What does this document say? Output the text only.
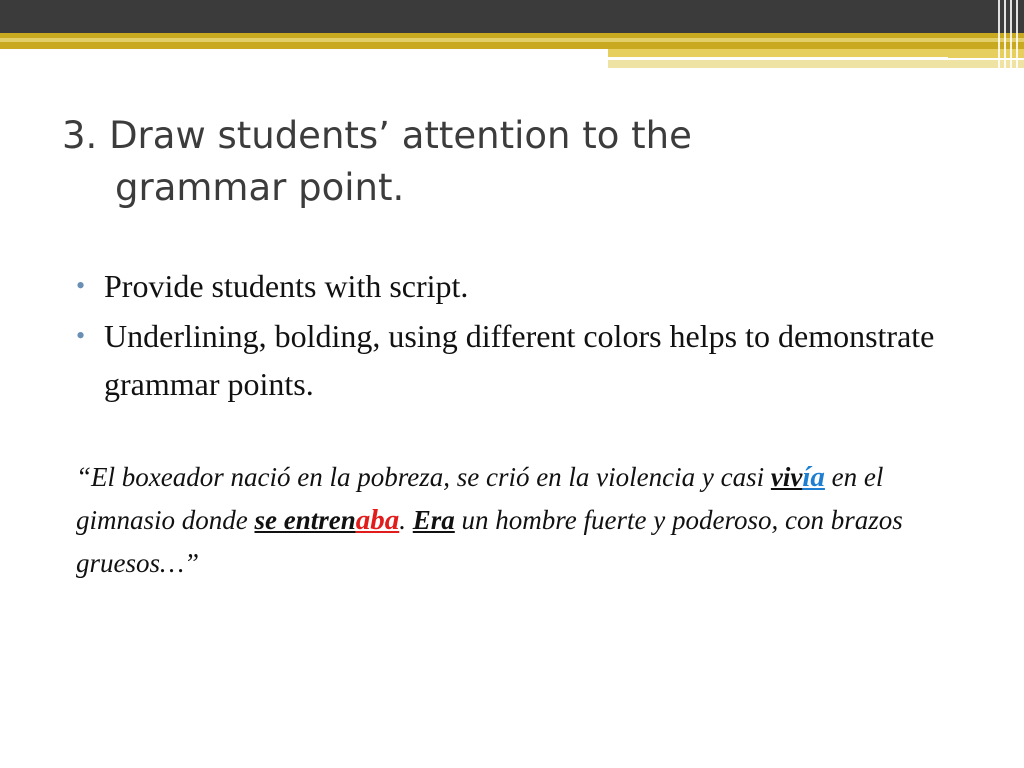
3. Draw students’ attention to the
grammar point.
• Provide students with script.
• Underlining, bolding, using different colors helps to demonstrate grammar points.
“El boxeador nació en la pobreza, se crió en la violencia y casi vivía en el gimnasio donde se entrenaba. Era un hombre fuerte y poderoso, con brazos gruesos…”
